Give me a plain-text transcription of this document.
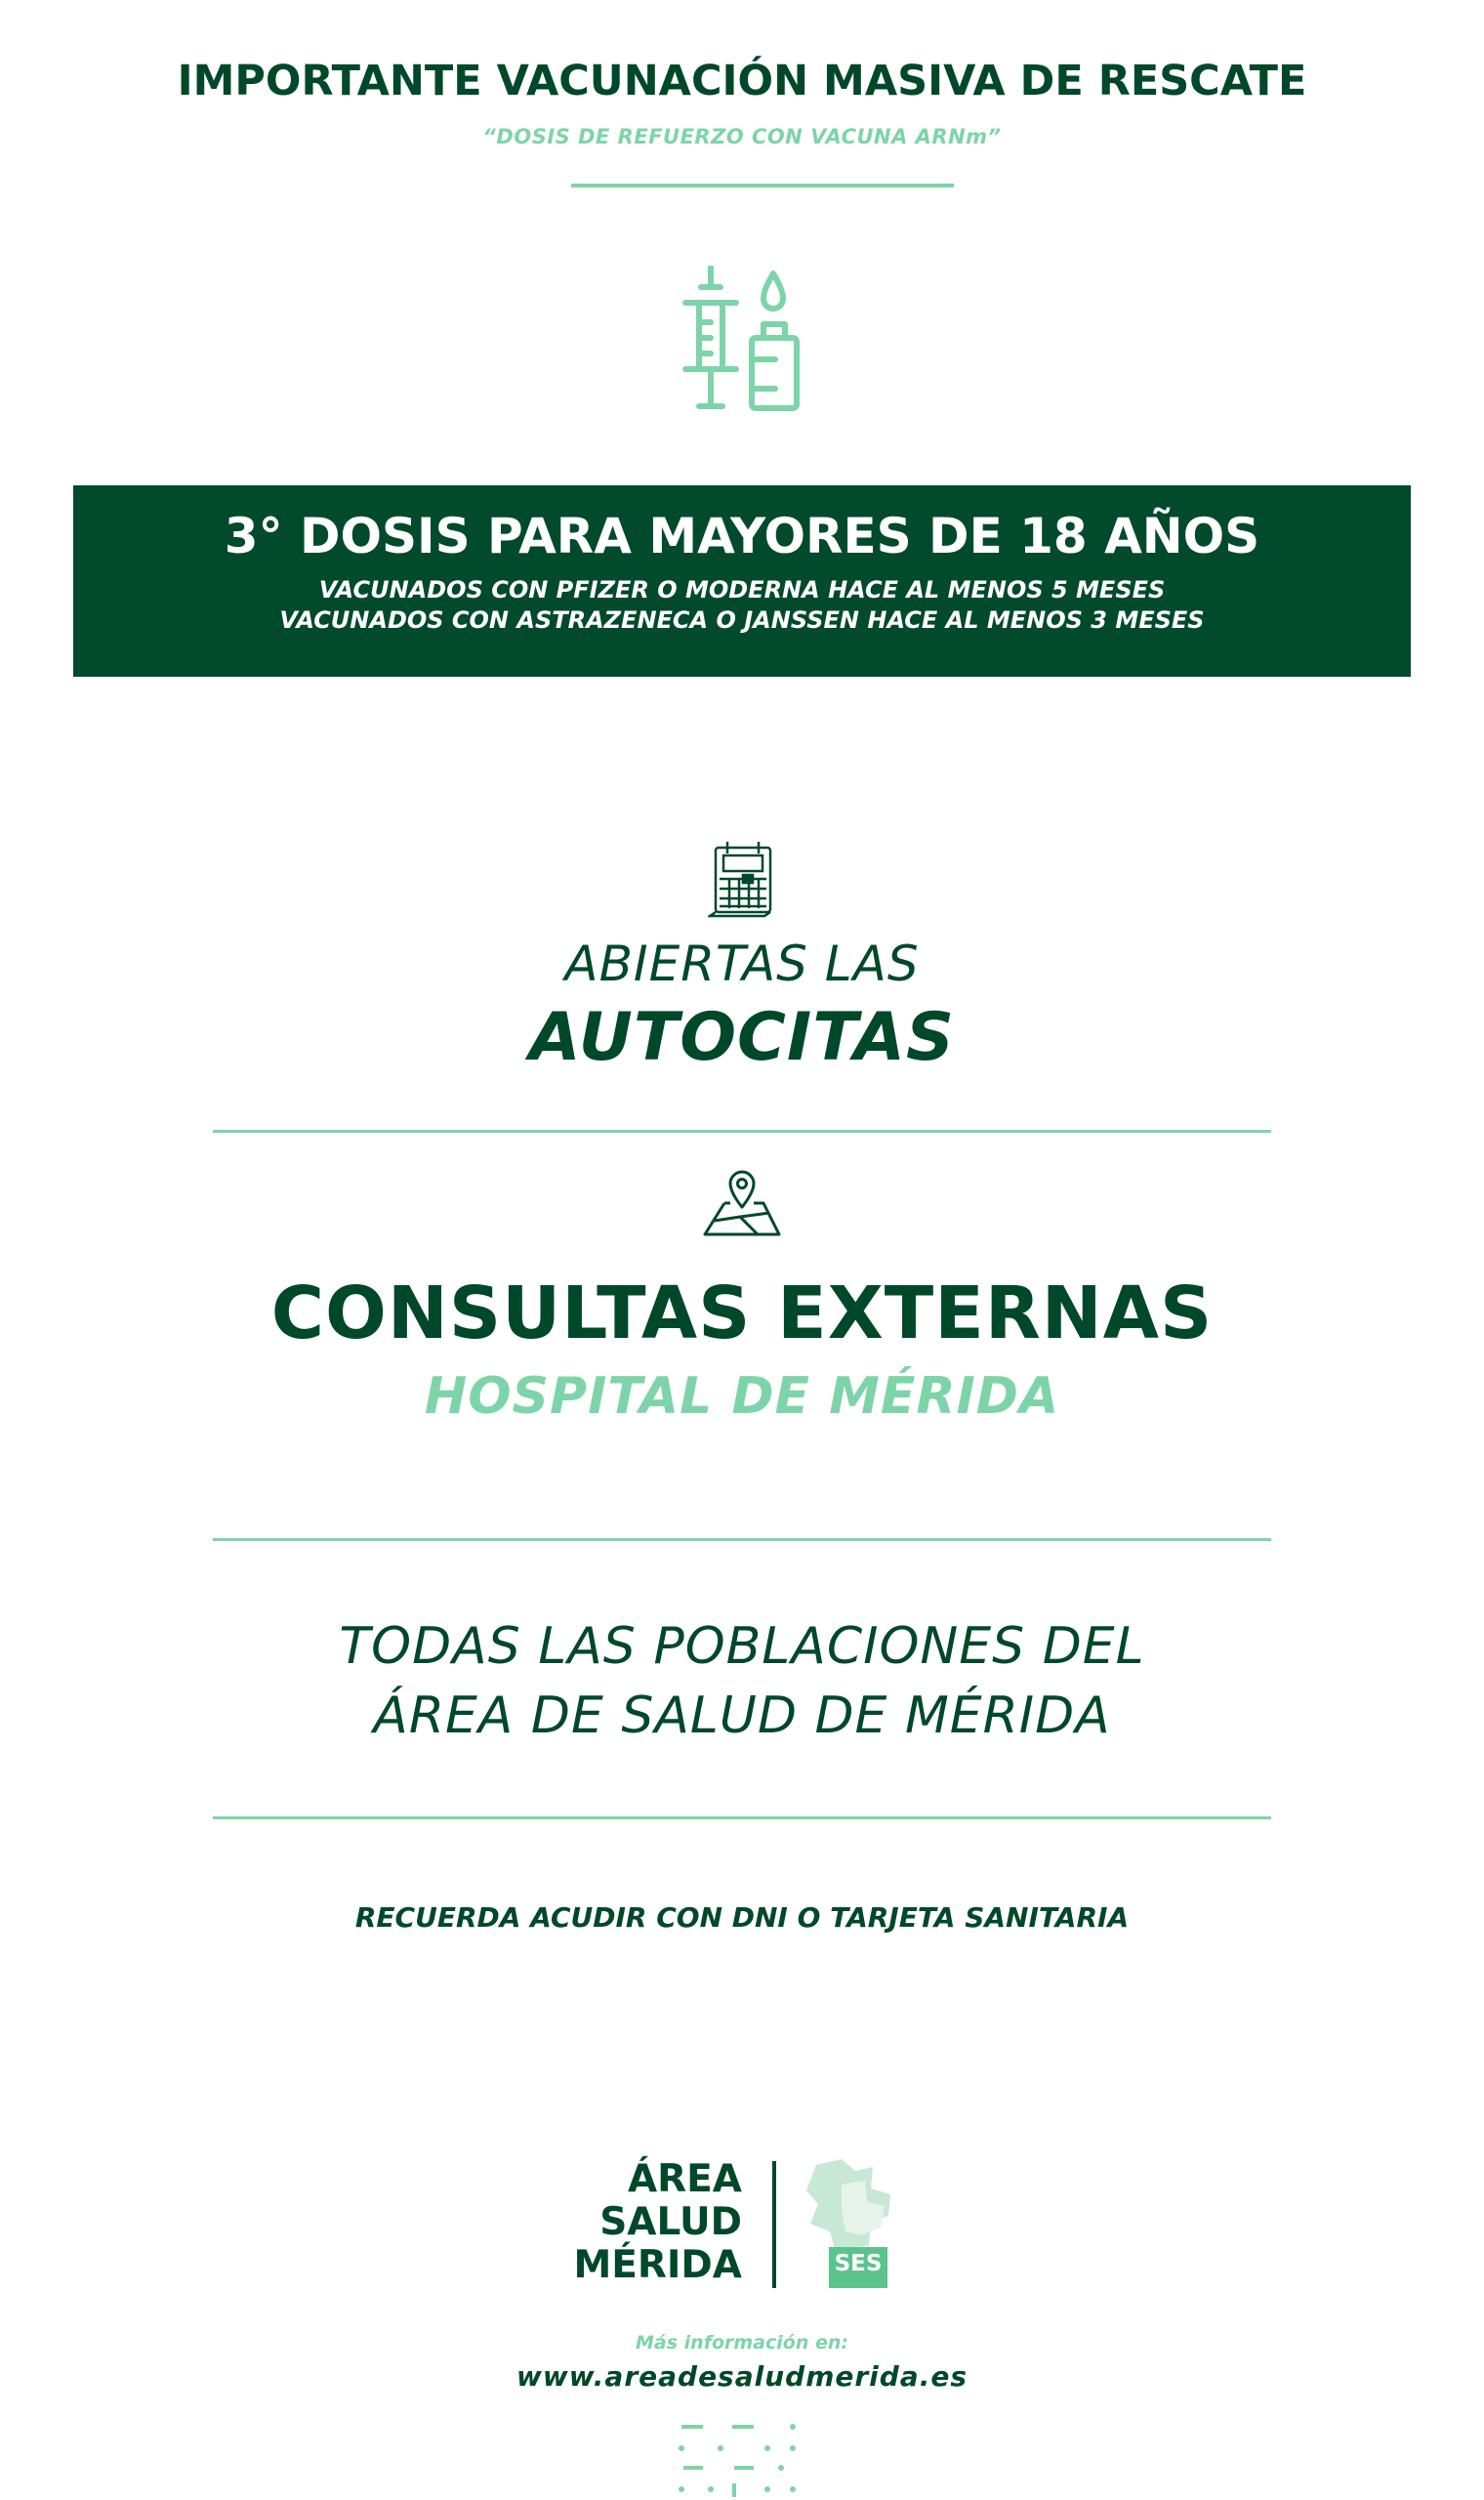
IMPORTANTE VACUNACIÓN MASIVA DE RESCATE
“DOSIS DE REFUERZO CON VACUNA ARNm”
3° DOSIS PARA MAYORES DE 18 AÑOS
VACUNADOS CON PFIZER O MODERNA HACE AL MENOS 5 MESES
VACUNADOS CON ASTRAZENECA O JANSSEN HACE AL MENOS 3 MESES
ABIERTAS LAS
AUTOCITAS
CONSULTAS EXTERNAS
HOSPITAL DE MÉRIDA
TODAS LAS POBLACIONES DEL
ÁREA DE SALUD DE MÉRIDA
RECUERDA ACUDIR CON DNI O TARJETA SANITARIA
ÁREA
SALUD
MÉRIDA	SES
Más información en:
www.areadesaludmerida.es
